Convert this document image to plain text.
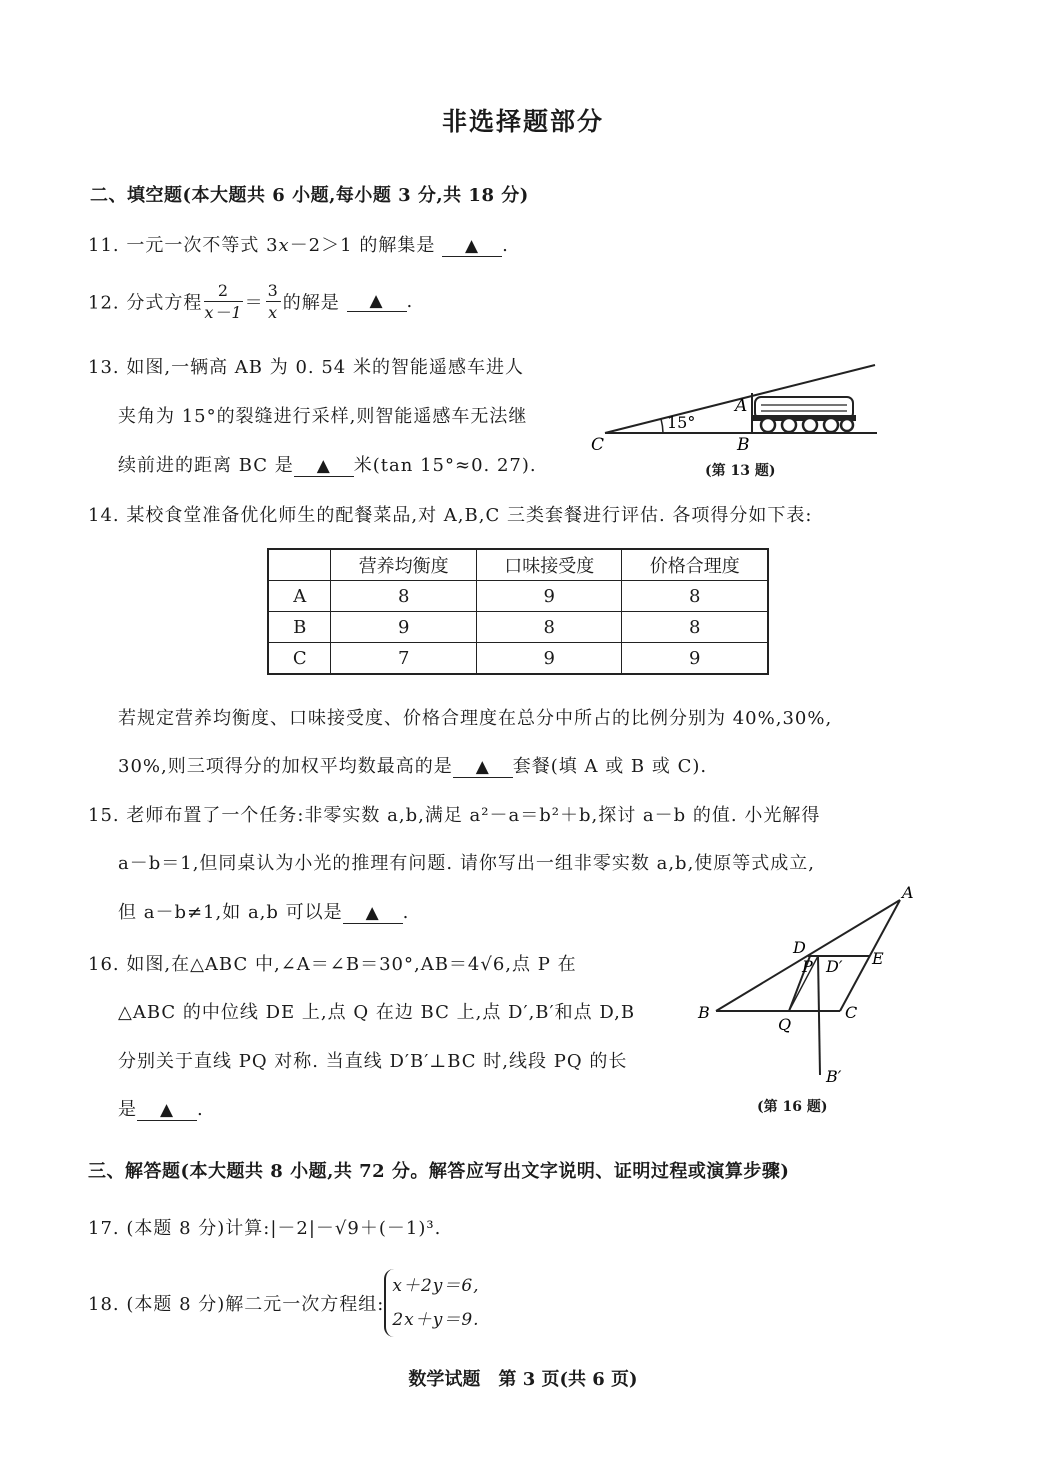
非选择题部分
二、填空题(本大题共 6 小题,每小题 3 分,共 18 分)
11. 一元一次不等式 3x－2＞1 的解集是 ▲ .
12. 分式方程 $\frac{2}{x-1} = \frac{3}{x}$ 的解是 ▲ .
13. 如图,一辆高 AB 为 0. 54 米的智能遥感车进人
夹角为 15°的裂缝进行采样,则智能遥感车无法继
续前进的距离 BC 是 ▲ 米(tan 15°≈0. 27).
15°
A
B
C
(第 13 题)
14. 某校食堂准备优化师生的配餐菜品,对 A,B,C 三类套餐进行评估. 各项得分如下表:
	营养均衡度	口味接受度	价格合理度
A	8	9	8
B	9	8	8
C	7	9	9
若规定营养均衡度、口味接受度、价格合理度在总分中所占的比例分别为 40%,30%,
30%,则三项得分的加权平均数最高的是 ▲ 套餐(填 A 或 B 或 C).
15. 老师布置了一个任务:非零实数 a,b,满足 a²－a＝b²＋b,探讨 a－b 的值. 小光解得
a－b＝1,但同桌认为小光的推理有问题. 请你写出一组非零实数 a,b,使原等式成立,
但 a－b≠1,如 a,b 可以是 ▲ .
16. 如图,在△ABC 中,∠A＝∠B＝30°,AB＝4√6,点 P 在
△ABC 的中位线 DE 上,点 Q 在边 BC 上,点 D′,B′和点 D,B
分别关于直线 PQ 对称. 当直线 D′B′⊥BC 时,线段 PQ 的长
是 ▲ .
D
P D′ E
A
B	C
Q
B′
(第 16 题)
三、解答题(本大题共 8 小题,共 72 分。解答应写出文字说明、证明过程或演算步骤)
17. (本题 8 分)计算:|－2|－√9＋(－1)³.
18. (本题 8 分)解二元一次方程组:
x＋2y＝6,
2x＋y＝9.
数学试题　第 3 页(共 6 页)
